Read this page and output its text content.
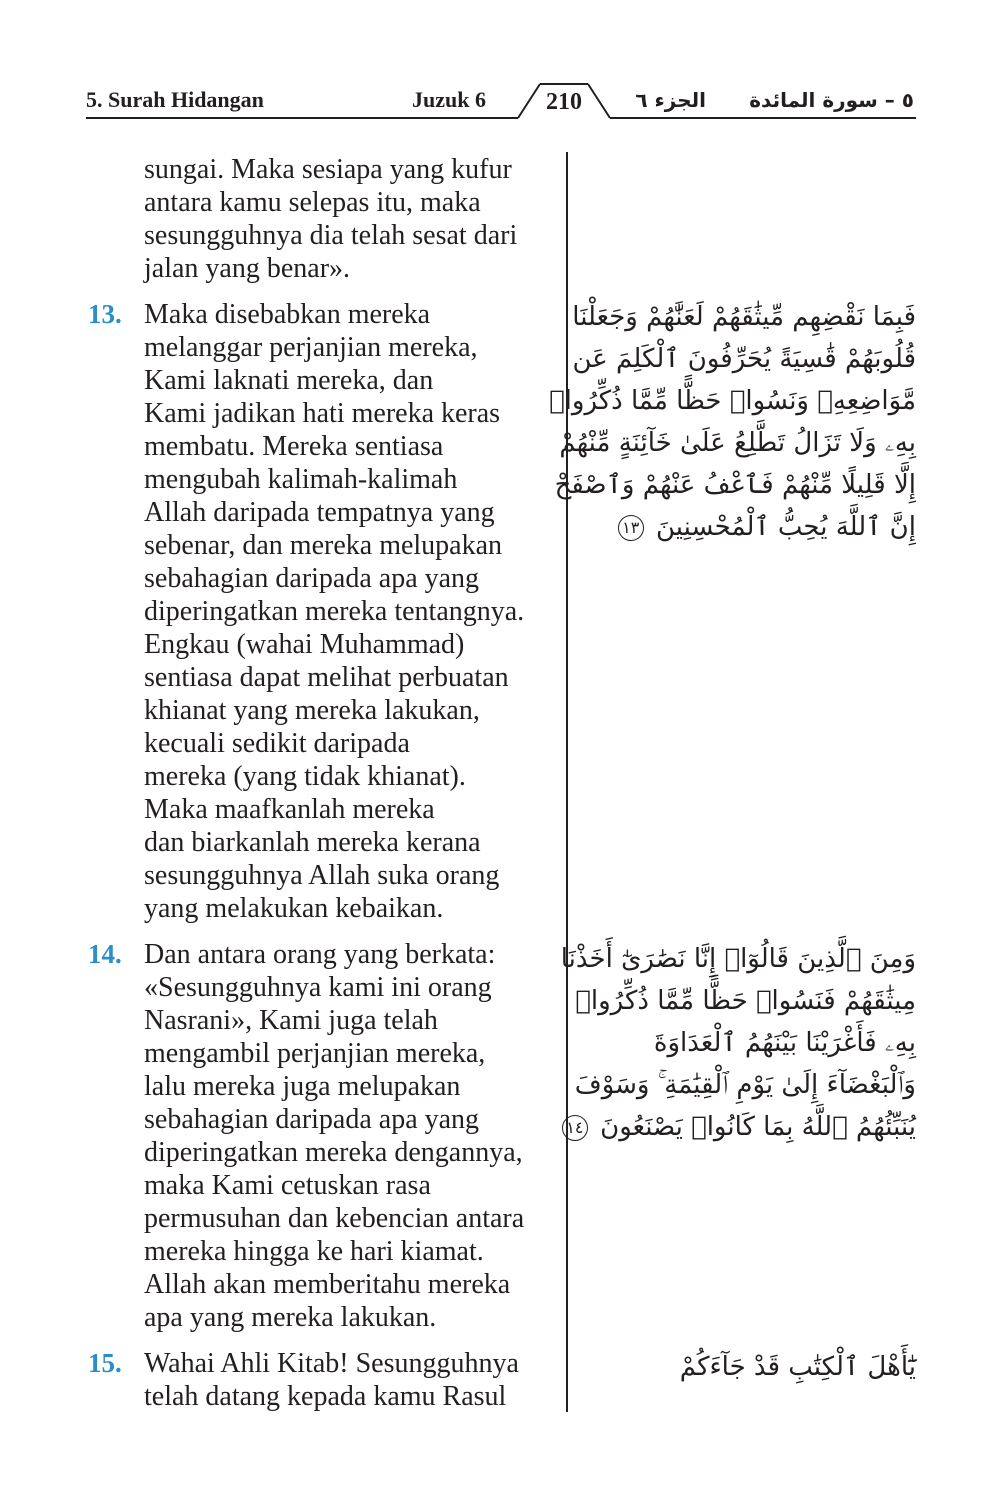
5. Surah Hidangan	Juzuk 6	210	الجزء ٦ ٥ – سورة المائدة
sungai. Maka sesiapa yang kufur
antara kamu selepas itu, maka
sesungguhnya dia telah sesat dari
jalan yang benar».
13. Maka disebabkan mereka
melanggar perjanjian mereka,
Kami laknati mereka, dan
Kami jadikan hati mereka keras
membatu. Mereka sentiasa
mengubah kalimah-kalimah
Allah daripada tempatnya yang
sebenar, dan mereka melupakan
sebahagian daripada apa yang
diperingatkan mereka tentangnya.
Engkau (wahai Muhammad)
sentiasa dapat melihat perbuatan
khianat yang mereka lakukan,
kecuali sedikit daripada
mereka (yang tidak khianat).
Maka maafkanlah mereka
dan biarkanlah mereka kerana
sesungguhnya Allah suka orang
yang melakukan kebaikan.
14. Dan antara orang yang berkata:
«Sesungguhnya kami ini orang
Nasrani», Kami juga telah
mengambil perjanjian mereka,
lalu mereka juga melupakan
sebahagian daripada apa yang
diperingatkan mereka dengannya,
maka Kami cetuskan rasa
permusuhan dan kebencian antara
mereka hingga ke hari kiamat.
Allah akan memberitahu mereka
apa yang mereka lakukan.
15. Wahai Ahli Kitab! Sesungguhnya
telah datang kepada kamu Rasul
فَبِمَا نَقْضِهِم مِّيثَٰقَهُمْ لَعَنَّٰهُمْ وَجَعَلْنَا
قُلُوبَهُمْ قَٰسِيَةً يُحَرِّفُونَ ٱلْكَلِمَ عَن
مَّوَاضِعِهِۦ وَنَسُوا۟ حَظًّا مِّمَّا ذُكِّرُوا۟
بِهِۦ وَلَا تَزَالُ تَطَّلِعُ عَلَىٰ خَآئِنَةٍ مِّنْهُمْ
إِلَّا قَلِيلًا مِّنْهُمْ فَٱعْفُ عَنْهُمْ وَٱصْفَحْ
إِنَّ ٱللَّهَ يُحِبُّ ٱلْمُحْسِنِينَ ١٣
وَمِنَ ٱلَّذِينَ قَالُوٓا۟ إِنَّا نَصَٰرَىٰٓ أَخَذْنَا
مِيثَٰقَهُمْ فَنَسُوا۟ حَظًّا مِّمَّا ذُكِّرُوا۟
بِهِۦ فَأَغْرَيْنَا بَيْنَهُمُ ٱلْعَدَاوَةَ
وَٱلْبَغْضَآءَ إِلَىٰ يَوْمِ ٱلْقِيَٰمَةِ ۚ وَسَوْفَ
يُنَبِّئُهُمُ ٱللَّهُ بِمَا كَانُوا۟ يَصْنَعُونَ ١٤
يَٰٓأَهْلَ ٱلْكِتَٰبِ قَدْ جَآءَكُمْ
